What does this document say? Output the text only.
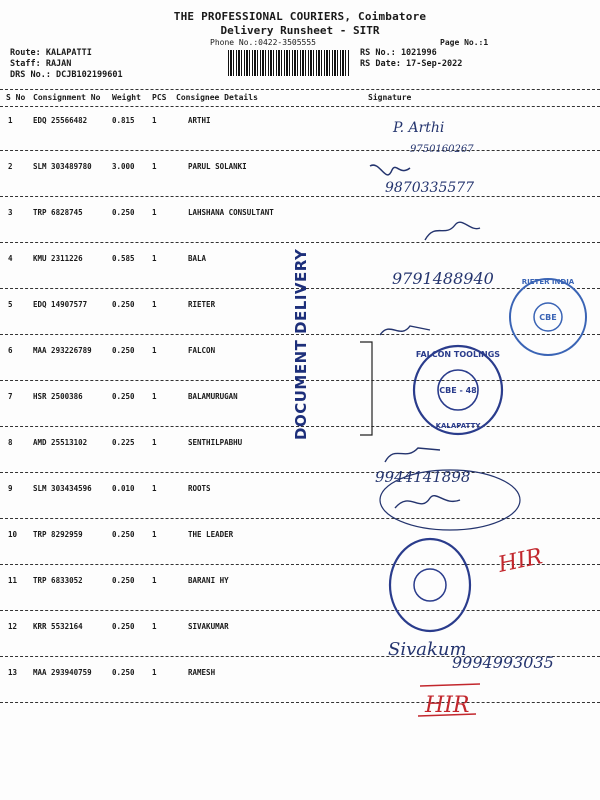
THE PROFESSIONAL COURIERS, Coimbatore
Delivery Runsheet - SITR
Phone No.:0422-3505555	Page No.:1
Route: KALAPATTI
Staff: RAJAN
DRS No.: DCJB102199601
RS No.: 1021996
RS Date: 17-Sep-2022
S No Consignment No Weight PCS Consignee Details	Signature
1	EDQ 25566482	0.815 1	ARTHI
2	SLM 303489780	3.000 1	PARUL SOLANKI
3	TRP 6828745	0.250 1	LAHSHANA CONSULTANT
4	KMU 2311226	0.585 1	BALA
5	EDQ 14907577	0.250 1	RIETER
6	MAA 293226789	0.250 1	FALCON
7	HSR 2500386	0.250 1	BALAMURUGAN
8	AMD 25513102	0.225 1	SENTHILPABHU
9	SLM 303434596	0.010 1	ROOTS
10 TRP 8292959	0.250 1	THE LEADER
11 TRP 6833052	0.250 1	BARANI HY
12 KRR 5532164	0.250 1	SIVAKUMAR
13 MAA 293940759	0.250 1	RAMESH
DOCUMENT DELIVERY	CBE
RIETER INDIA
CBE - 48
FALCON TOOLINGS
KALAPATTY
HIR
HIR
P. Arthi
9750160267
9870335577
9791488940
9944141898
Sivakum
9994993035
